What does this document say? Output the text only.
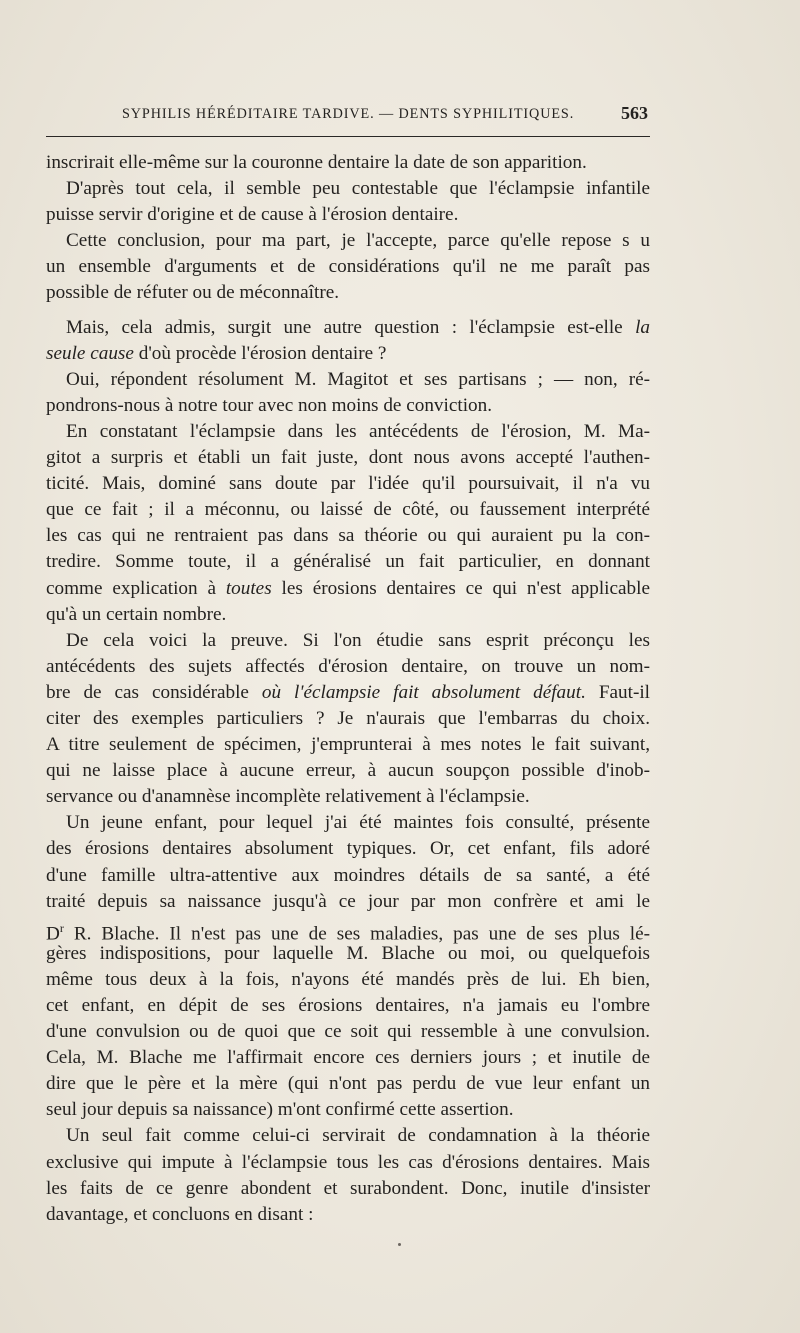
SYPHILIS HÉRÉDITAIRE TARDIVE. — DENTS SYPHILITIQUES.	563
inscrirait elle-même sur la couronne dentaire la date de son apparition.
D'après tout cela, il semble peu contestable que l'éclampsie infantile
puisse servir d'origine et de cause à l'érosion dentaire.
Cette conclusion, pour ma part, je l'accepte, parce qu'elle repose s u
un ensemble d'arguments et de considérations qu'il ne me paraît pas
possible de réfuter ou de méconnaître.
Mais, cela admis, surgit une autre question : l'éclampsie est-elle la
seule cause d'où procède l'érosion dentaire ?
Oui, répondent résolument M. Magitot et ses partisans ; — non, ré-
pondrons-nous à notre tour avec non moins de conviction.
En constatant l'éclampsie dans les antécédents de l'érosion, M. Ma-
gitot a surpris et établi un fait juste, dont nous avons accepté l'authen-
ticité. Mais, dominé sans doute par l'idée qu'il poursuivait, il n'a vu
que ce fait ; il a méconnu, ou laissé de côté, ou faussement interprété
les cas qui ne rentraient pas dans sa théorie ou qui auraient pu la con-
tredire. Somme toute, il a généralisé un fait particulier, en donnant
comme explication à toutes les érosions dentaires ce qui n'est applicable
qu'à un certain nombre.
De cela voici la preuve. Si l'on étudie sans esprit préconçu les
antécédents des sujets affectés d'érosion dentaire, on trouve un nom-
bre de cas considérable où l'éclampsie fait absolument défaut. Faut-il
citer des exemples particuliers ? Je n'aurais que l'embarras du choix.
A titre seulement de spécimen, j'emprunterai à mes notes le fait suivant,
qui ne laisse place à aucune erreur, à aucun soupçon possible d'inob-
servance ou d'anamnèse incomplète relativement à l'éclampsie.
Un jeune enfant, pour lequel j'ai été maintes fois consulté, présente
des érosions dentaires absolument typiques. Or, cet enfant, fils adoré
d'une famille ultra-attentive aux moindres détails de sa santé, a été
traité depuis sa naissance jusqu'à ce jour par mon confrère et ami le
$D^r$ R. Blache. Il n'est pas une de ses maladies, pas une de ses plus lé-
gères indispositions, pour laquelle M. Blache ou moi, ou quelquefois
même tous deux à la fois, n'ayons été mandés près de lui. Eh bien,
cet enfant, en dépit de ses érosions dentaires, n'a jamais eu l'ombre
d'une convulsion ou de quoi que ce soit qui ressemble à une convulsion.
Cela, M. Blache me l'affirmait encore ces derniers jours ; et inutile de
dire que le père et la mère (qui n'ont pas perdu de vue leur enfant un
seul jour depuis sa naissance) m'ont confirmé cette assertion.
Un seul fait comme celui-ci servirait de condamnation à la théorie
exclusive qui impute à l'éclampsie tous les cas d'érosions dentaires. Mais
les faits de ce genre abondent et surabondent. Donc, inutile d'insister
davantage, et concluons en disant :
